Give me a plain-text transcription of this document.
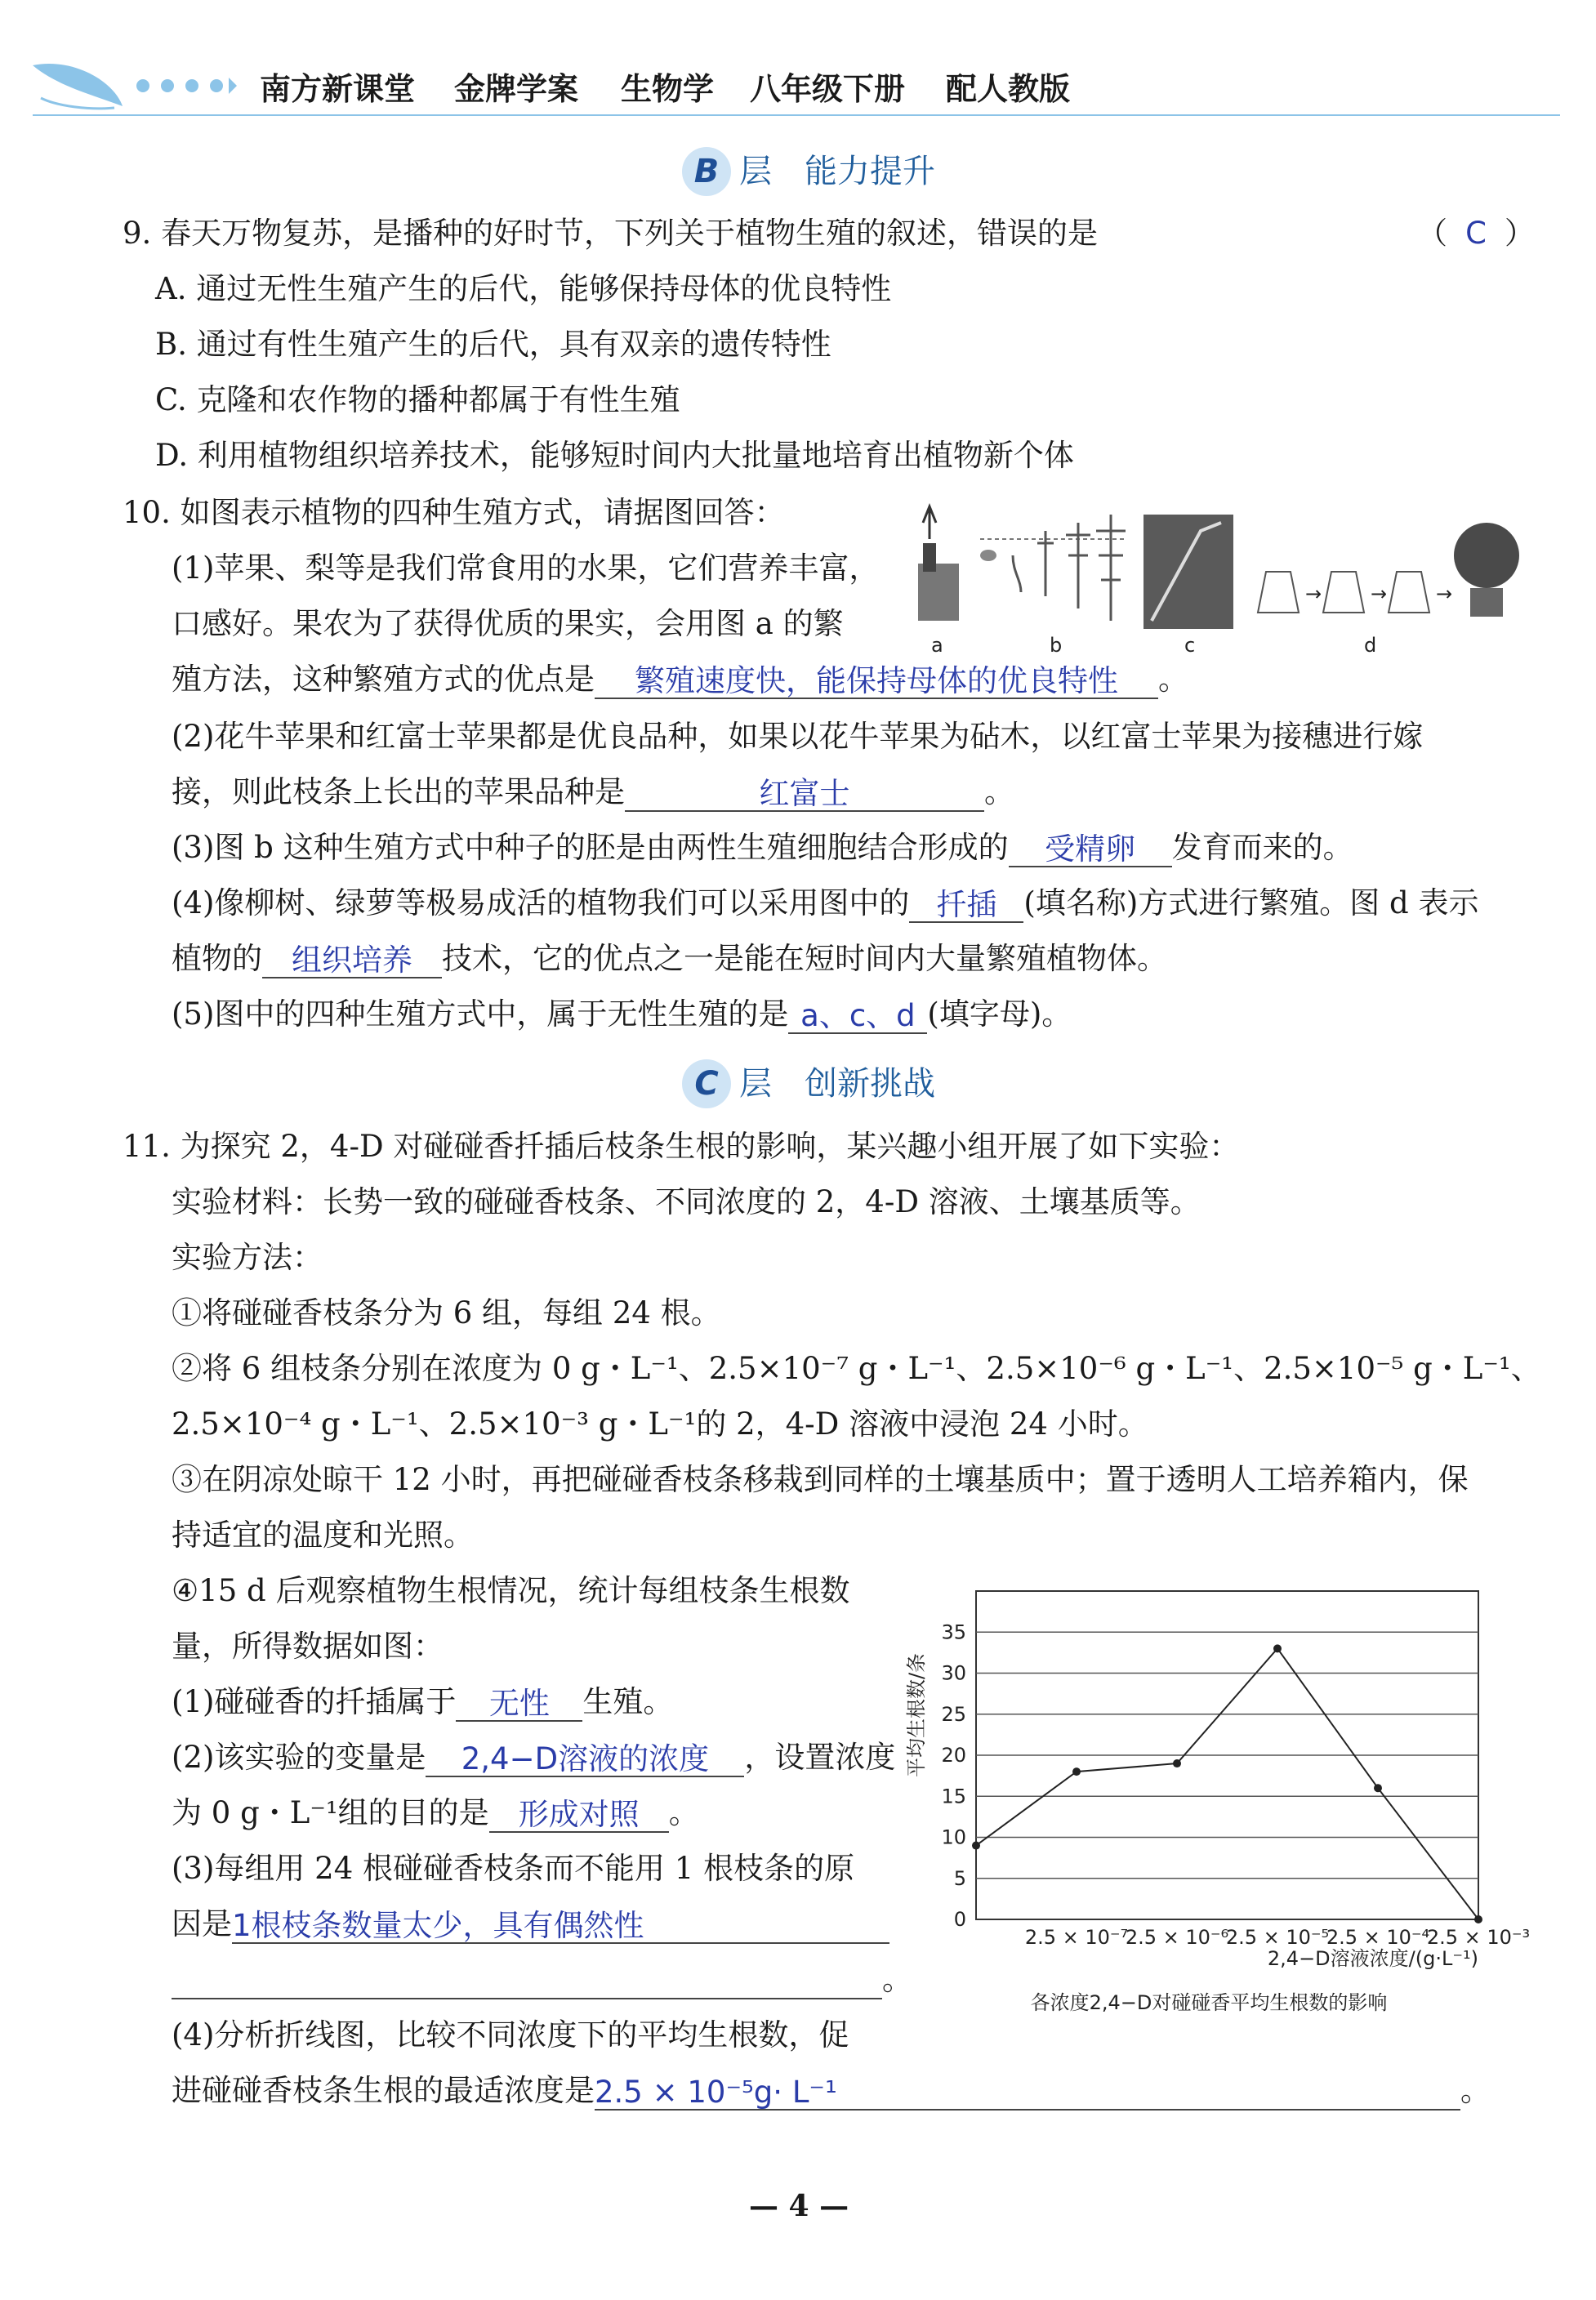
南方新课堂 金牌学案 生物学 八年级下册 配人教版
B 层　能力提升
9. 春天万物复苏，是播种的好时节，下列关于植物生殖的叙述，错误的是	（ C ）
A. 通过无性生殖产生的后代，能够保持母体的优良特性
B. 通过有性生殖产生的后代，具有双亲的遗传特性
C. 克隆和农作物的播种都属于有性生殖
D. 利用植物组织培养技术，能够短时间内大批量地培育出植物新个体
10. 如图表示植物的四种生殖方式，请据图回答：
(1)苹果、梨等是我们常食用的水果，它们营养丰富，
口感好。果农为了获得优质的果实，会用图 a 的繁
殖方法，这种繁殖方式的优点是 繁殖速度快，能保持母体的优良特性 。
→ → →
a	b	c	d
(2)花牛苹果和红富士苹果都是优良品种，如果以花牛苹果为砧木，以红富士苹果为接穗进行嫁
接，则此枝条上长出的苹果品种是	红富士	。
(3)图 b 这种生殖方式中种子的胚是由两性生殖细胞结合形成的 受精卵 发育而来的。
(4)像柳树、绿萝等极易成活的植物我们可以采用图中的 扦插 (填名称)方式进行繁殖。图 d 表示
植物的 组织培养 技术，它的优点之一是能在短时间内大量繁殖植物体。
(5)图中的四种生殖方式中，属于无性生殖的是 a、c、d (填字母)。
C 层　创新挑战
11. 为探究 2，4-D 对碰碰香扦插后枝条生根的影响，某兴趣小组开展了如下实验：
实验材料：长势一致的碰碰香枝条、不同浓度的 2，4-D 溶液、土壤基质等。
实验方法：
①将碰碰香枝条分为 6 组，每组 24 根。
②将 6 组枝条分别在浓度为 0 g・L⁻¹、2.5×10⁻⁷ g・L⁻¹、2.5×10⁻⁶ g・L⁻¹、2.5×10⁻⁵ g・L⁻¹、
2.5×10⁻⁴ g・L⁻¹、2.5×10⁻³ g・L⁻¹的 2，4-D 溶液中浸泡 24 小时。
③在阴凉处晾干 12 小时，再把碰碰香枝条移栽到同样的土壤基质中；置于透明人工培养箱内，保
持适宜的温度和光照。
④15 d 后观察植物生根情况，统计每组枝条生根数
量，所得数据如图：
(1)碰碰香的扦插属于 无性 生殖。
(2)该实验的变量是 2,4−D溶液的浓度 ，设置浓度
为 0 g・L⁻¹组的目的是 形成对照 。
(3)每组用 24 根碰碰香枝条而不能用 1 根枝条的原
因是1根枝条数量太少，具有偶然性
。
(4)分析折线图，比较不同浓度下的平均生根数，促
进碰碰香枝条生根的最适浓度是2.5 × 10⁻⁵g· L⁻¹	。
平均生根数/条
2,4−D溶液浓度/(g·L⁻¹)
各浓度2,4−D对碰碰香平均生根数的影响
0
5
10
15
20
25
30
35
2.5 × 10⁻⁷
2.5 × 10⁻⁶
2.5 × 10⁻⁵
2.5 × 10⁻⁴
2.5 × 10⁻³
— 4 —
